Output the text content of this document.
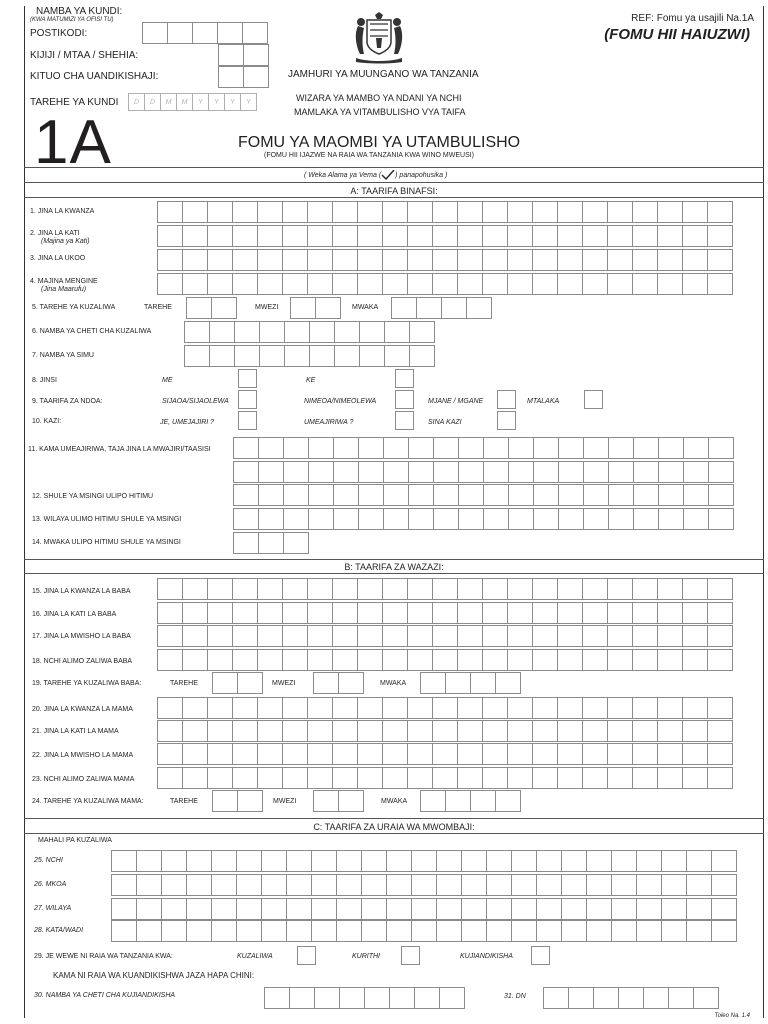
NAMBA YA KUNDI:
(KWA MATUMIZI YA OFISI TU)
POSTIKODI:
KIJIJI / MTAA / SHEHIA:
KITUO CHA UANDIKISHAJI:
TAREHE YA KUNDI	D	D	M	M	Y	Y	Y	Y
JAMHURI YA MUUNGANO WA TANZANIA
WIZARA YA MAMBO YA NDANI YA NCHI
MAMLAKA YA VITAMBULISHO VYA TAIFA
REF: Fomu ya usajili Na.1A
(FOMU HII HAIUZWI)
1A	FOMU YA MAOMBI YA UTAMBULISHO
(FOMU HII IJAZWE NA RAIA WA TANZANIA KWA WINO MWEUSI)
( Weka Alama ya Vema ( ) panapohusika )
A: TAARIFA BINAFSI:
1. JINA LA KWANZA
2. JINA LA KATI
(Majina ya Kati)
3. JINA LA UKOO
4. MAJINA MENGINE
(Jina Maarufu)
5. TAREHE YA KUZALIWA	TAREHE	MWEZI	MWAKA
6. NAMBA YA CHETI CHA KUZALIWA
7. NAMBA YA SIMU
8. JINSI	ME	KE
9. TAARIFA ZA NDOA:	SIJAOA/SIJAOLEWA	NIMEOA/NIMEOLEWA	MJANE / MGANE	MTALAKA
10. KAZI:	JE, UMEJAJIRI ?	UMEAJIRIWA ?	SINA KAZI
11. KAMA UMEAJIRIWA, TAJA JINA LA MWAJIRI/TAASISI
12. SHULE YA MSINGI ULIPO HITIMU
13. WILAYA ULIMO HITIMU SHULE YA MSINGI
14. MWAKA ULIPO HITIMU SHULE YA MSINGI
B: TAARIFA ZA WAZAZI:
15. JINA LA KWANZA LA BABA
16. JINA LA KATI LA BABA
17. JINA LA MWISHO LA BABA
18. NCHI ALIMO ZALIWA BABA
19. TAREHE YA KUZALIWA BABA:	TAREHE	MWEZI	MWAKA
20. JINA LA KWANZA LA MAMA
21. JINA LA KATI LA MAMA
22. JINA LA MWISHO LA MAMA
23. NCHI ALIMO ZALIWA MAMA
24. TAREHE YA KUZALIWA MAMA:	TAREHE	MWEZI	MWAKA
C: TAARIFA ZA URAIA WA MWOMBAJI:
MAHALI PA KUZALIWA
25. NCHI
26. MKOA
27. WILAYA
28. KATA/WADI
29. JE WEWE NI RAIA WA TANZANIA KWA:	KUZALIWA	KURITHI	KUJIANDIKISHA
KAMA NI RAIA WA KUANDIKISHWA JAZA HAPA CHINI:
30. NAMBA YA CHETI CHA KUJIANDIKISHA	31. DN
Toleo Na. 1.4
